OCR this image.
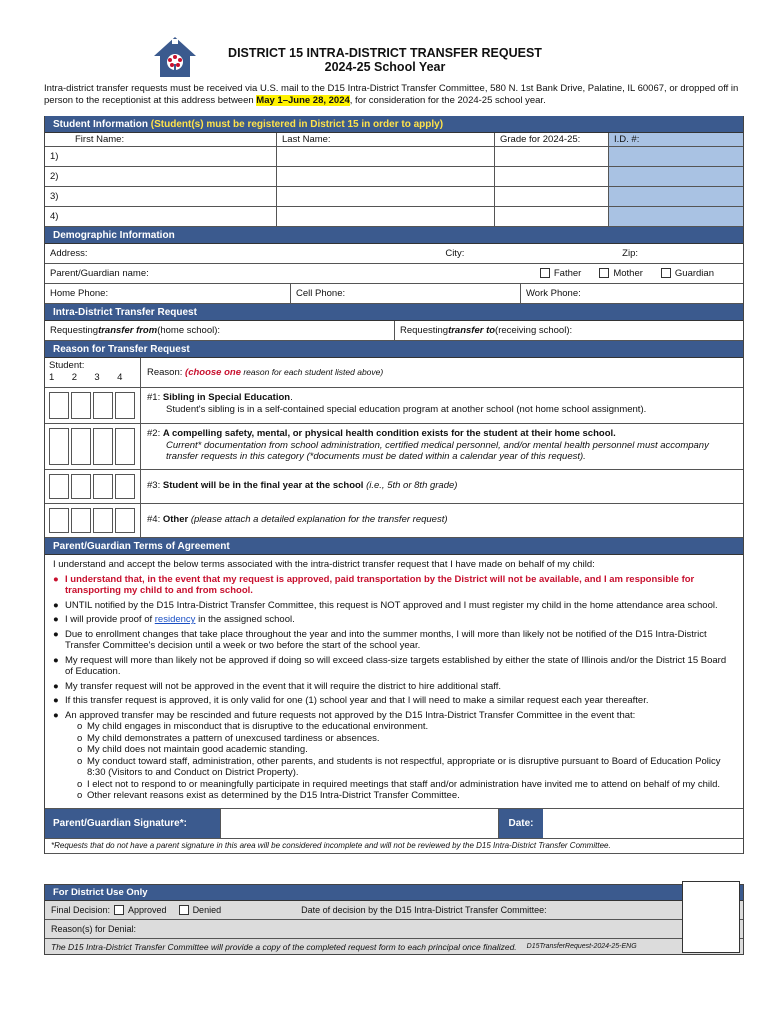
DISTRICT 15 INTRA-DISTRICT TRANSFER REQUEST
2024-25 School Year
Intra-district transfer requests must be received via U.S. mail to the D15 Intra-District Transfer Committee, 580 N. 1st Bank Drive, Palatine, IL 60067, or dropped off in person to the receptionist at this address between May 1–June 28, 2024, for consideration for the 2024-25 school year.
Student Information (Student(s) must be registered in District 15 in order to apply)
First Name:	Last Name:	Grade for 2024-25:	I.D. #:
1)
2)
3)
4)
Demographic Information
Address:	City:	Zip:
Parent/Guardian name:	Father	Mother	Guardian
Home Phone:	Cell Phone:	Work Phone:
Intra-District Transfer Request
Requesting transfer from (home school):	Requesting transfer to (receiving school):
Reason for Transfer Request
Student:
1	2	3	4	Reason: (choose one reason for each student listed above)
#1: Sibling in Special Education.
Student's sibling is in a self-contained special education program at another school (not home school assignment).
#2: A compelling safety, mental, or physical health condition exists for the student at their home school.
Current* documentation from school administration, certified medical personnel, and/or mental health personnel must accompany transfer requests in this category (*documents must be dated within a calendar year of this request).
#3: Student will be in the final year at the school (i.e., 5th or 8th grade)
#4: Other (please attach a detailed explanation for the transfer request)
Parent/Guardian Terms of Agreement
I understand and accept the below terms associated with the intra-district transfer request that I have made on behalf of my child:
● I understand that, in the event that my request is approved, paid transportation by the District will not be available, and I am responsible for transporting my child to and from school.
● UNTIL notified by the D15 Intra-District Transfer Committee, this request is NOT approved and I must register my child in the home attendance area school.
● I will provide proof of residency in the assigned school.
● Due to enrollment changes that take place throughout the year and into the summer months, I will more than likely not be notified of the D15 Intra-District Transfer Committee's decision until a week or two before the start of the school year.
● My request will more than likely not be approved if doing so will exceed class-size targets established by either the state of Illinois and/or the District 15 Board of Education.
● My transfer request will not be approved in the event that it will require the district to hire additional staff.
● If this transfer request is approved, it is only valid for one (1) school year and that I will need to make a similar request each year thereafter.
● An approved transfer may be rescinded and future requests not approved by the D15 Intra-District Transfer Committee in the event that:
o My child engages in misconduct that is disruptive to the educational environment.
o My child demonstrates a pattern of unexcused tardiness or absences.
o My child does not maintain good academic standing.
o My conduct toward staff, administration, other parents, and students is not respectful, appropriate or is disruptive pursuant to Board of Education Policy 8:30 (Visitors to and Conduct on District Property).
o I elect not to respond to or meaningfully participate in required meetings that staff and/or administration have invited me to attend on behalf of my child.
o Other relevant reasons exist as determined by the D15 Intra-District Transfer Committee.
Parent/Guardian Signature*:	Date:
*Requests that do not have a parent signature in this area will be considered incomplete and will not be reviewed by the D15 Intra-District Transfer Committee.
For District Use Only
Final Decision:	Approved	Denied	Date of decision by the D15 Intra-District Transfer Committee:
Reason(s) for Denial:
The D15 Intra-District Transfer Committee will provide a copy of the completed request form to each principal once finalized. D15TransferRequest-2024-25-ENG
